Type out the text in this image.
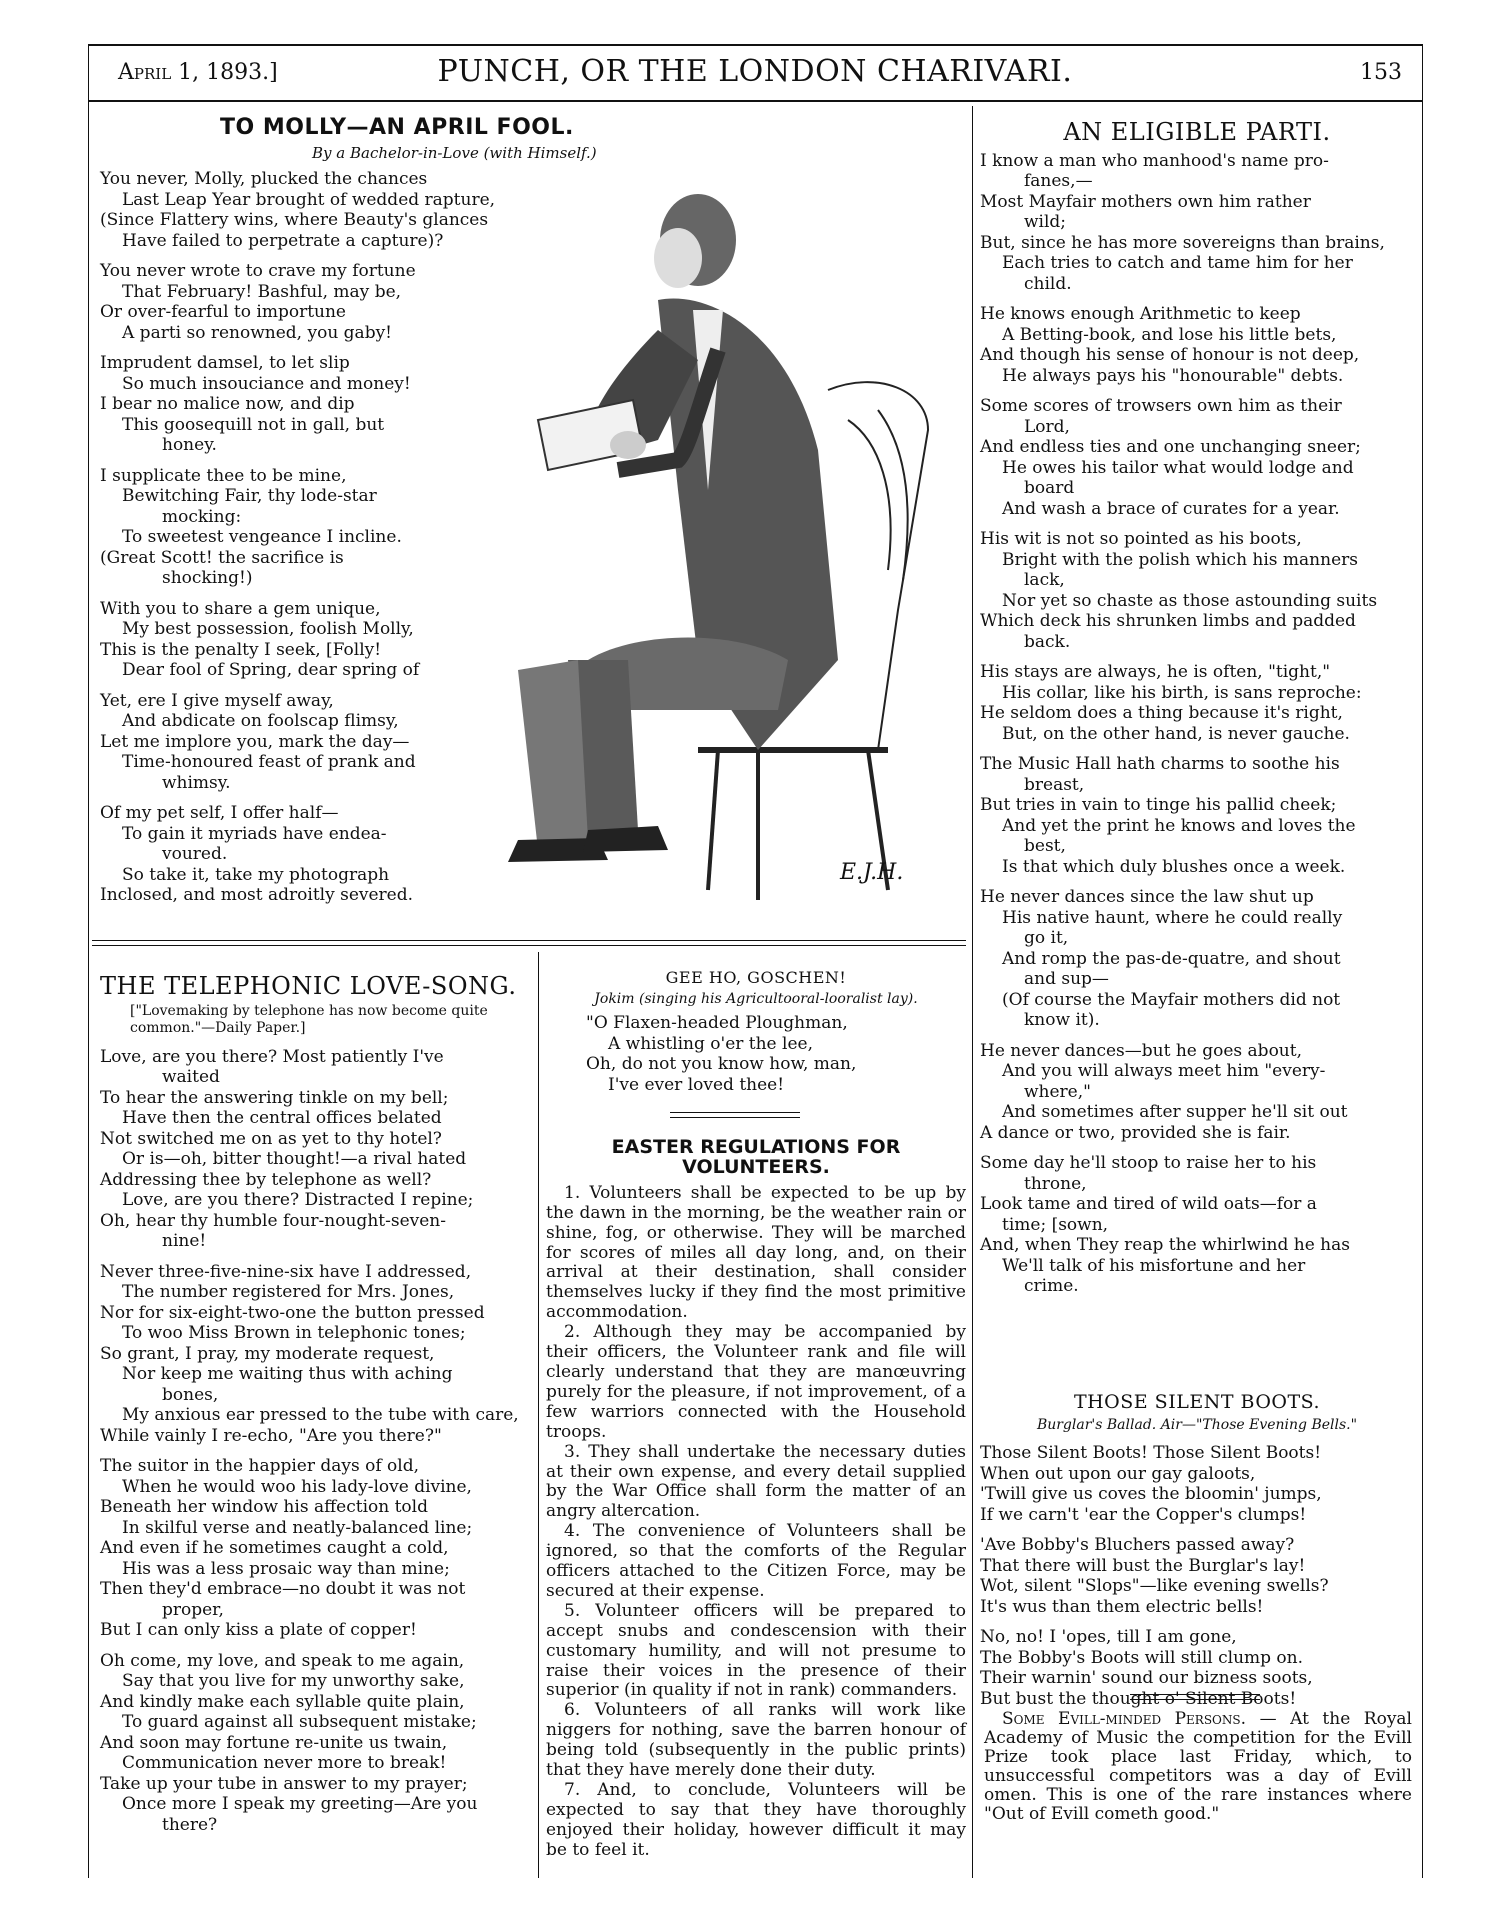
April 1, 1893.]	PUNCH, OR THE LONDON CHARIVARI.	153
TO MOLLY—AN APRIL FOOL.
By a Bachelor-in-Love (with Himself.)
You never, Molly, plucked the chances
Last Leap Year brought of wedded rapture,
(Since Flattery wins, where Beauty's glances
Have failed to perpetrate a capture)?
You never wrote to crave my fortune
That February! Bashful, may be,
Or over-fearful to importune
A parti so renowned, you gaby!
Imprudent damsel, to let slip
So much insouciance and money!
I bear no malice now, and dip
This goosequill not in gall, but
honey.
I supplicate thee to be mine,
Bewitching Fair, thy lode-star
mocking:
To sweetest vengeance I incline.
(Great Scott! the sacrifice is
shocking!)
With you to share a gem unique,
My best possession, foolish Molly,
This is the penalty I seek, [Folly!
Dear fool of Spring, dear spring of
Yet, ere I give myself away,
And abdicate on foolscap flimsy,
Let me implore you, mark the day—
Time-honoured feast of prank and
whimsy.
Of my pet self, I offer half—
To gain it myriads have endea-
voured.
So take it, take my photograph
Inclosed, and most adroitly severed.
E.J.H.
THE TELEPHONIC LOVE-SONG.
["Lovemaking by telephone has now become quite common."—Daily Paper.]
Love, are you there? Most patiently I've
waited
To hear the answering tinkle on my bell;
Have then the central offices belated
Not switched me on as yet to thy hotel?
Or is—oh, bitter thought!—a rival hated
Addressing thee by telephone as well?
Love, are you there? Distracted I repine;
Oh, hear thy humble four-nought-seven-
nine!
Never three-five-nine-six have I addressed,
The number registered for Mrs. Jones,
Nor for six-eight-two-one the button pressed
To woo Miss Brown in telephonic tones;
So grant, I pray, my moderate request,
Nor keep me waiting thus with aching
bones,
My anxious ear pressed to the tube with care,
While vainly I re-echo, "Are you there?"
The suitor in the happier days of old,
When he would woo his lady-love divine,
Beneath her window his affection told
In skilful verse and neatly-balanced line;
And even if he sometimes caught a cold,
His was a less prosaic way than mine;
Then they'd embrace—no doubt it was not
proper,
But I can only kiss a plate of copper!
Oh come, my love, and speak to me again,
Say that you live for my unworthy sake,
And kindly make each syllable quite plain,
To guard against all subsequent mistake;
And soon may fortune re-unite us twain,
Communication never more to break!
Take up your tube in answer to my prayer;
Once more I speak my greeting—Are you
there?
GEE HO, GOSCHEN!
Jokim (singing his Agricultooral-looralist lay).
"O Flaxen-headed Ploughman,
A whistling o'er the lee,
Oh, do not you know how, man,
I've ever loved thee!
EASTER REGULATIONS FOR VOLUNTEERS.
1. Volunteers shall be expected to be up by the dawn in the morning, be the weather rain or shine, fog, or otherwise. They will be marched for scores of miles all day long, and, on their arrival at their destination, shall consider themselves lucky if they find the most primitive accommodation.
2. Although they may be accompanied by their officers, the Volunteer rank and file will clearly understand that they are manœuvring purely for the pleasure, if not improvement, of a few warriors connected with the Household troops.
3. They shall undertake the necessary duties at their own expense, and every detail supplied by the War Office shall form the matter of an angry altercation.
4. The convenience of Volunteers shall be ignored, so that the comforts of the Regular officers attached to the Citizen Force, may be secured at their expense.
5. Volunteer officers will be prepared to accept snubs and condescension with their customary humility, and will not presume to raise their voices in the presence of their superior (in quality if not in rank) commanders.
6. Volunteers of all ranks will work like niggers for nothing, save the barren honour of being told (subsequently in the public prints) that they have merely done their duty.
7. And, to conclude, Volunteers will be expected to say that they have thoroughly enjoyed their holiday, however difficult it may be to feel it.
AN ELIGIBLE PARTI.
I know a man who manhood's name pro-
fanes,—
Most Mayfair mothers own him rather
wild;
But, since he has more sovereigns than brains,
Each tries to catch and tame him for her
child.
He knows enough Arithmetic to keep
A Betting-book, and lose his little bets,
And though his sense of honour is not deep,
He always pays his "honourable" debts.
Some scores of trowsers own him as their
Lord,
And endless ties and one unchanging sneer;
He owes his tailor what would lodge and
board
And wash a brace of curates for a year.
His wit is not so pointed as his boots,
Bright with the polish which his manners
lack,
Nor yet so chaste as those astounding suits
Which deck his shrunken limbs and padded
back.
His stays are always, he is often, "tight,"
His collar, like his birth, is sans reproche:
He seldom does a thing because it's right,
But, on the other hand, is never gauche.
The Music Hall hath charms to soothe his
breast,
But tries in vain to tinge his pallid cheek;
And yet the print he knows and loves the
best,
Is that which duly blushes once a week.
He never dances since the law shut up
His native haunt, where he could really
go it,
And romp the pas-de-quatre, and shout
and sup—
(Of course the Mayfair mothers did not
know it).
He never dances—but he goes about,
And you will always meet him "every-
where,"
And sometimes after supper he'll sit out
A dance or two, provided she is fair.
Some day he'll stoop to raise her to his
throne,
Look tame and tired of wild oats—for a
time; [sown,
And, when They reap the whirlwind he has
We'll talk of his misfortune and her
crime.
THOSE SILENT BOOTS.
Burglar's Ballad. Air—"Those Evening Bells."
Those Silent Boots! Those Silent Boots!
When out upon our gay galoots,
'Twill give us coves the bloomin' jumps,
If we carn't 'ear the Copper's clumps!
'Ave Bobby's Bluchers passed away?
That there will bust the Burglar's lay!
Wot, silent "Slops"—like evening swells?
It's wus than them electric bells!
No, no! I 'opes, till I am gone,
The Bobby's Boots will still clump on.
Their warnin' sound our bizness soots,
But bust the thought o' Silent Boots!
Some Evill-minded Persons. — At the Royal Academy of Music the competition for the Evill Prize took place last Friday, which, to unsuccessful competitors was a day of Evill omen. This is one of the rare instances where "Out of Evill cometh good."
